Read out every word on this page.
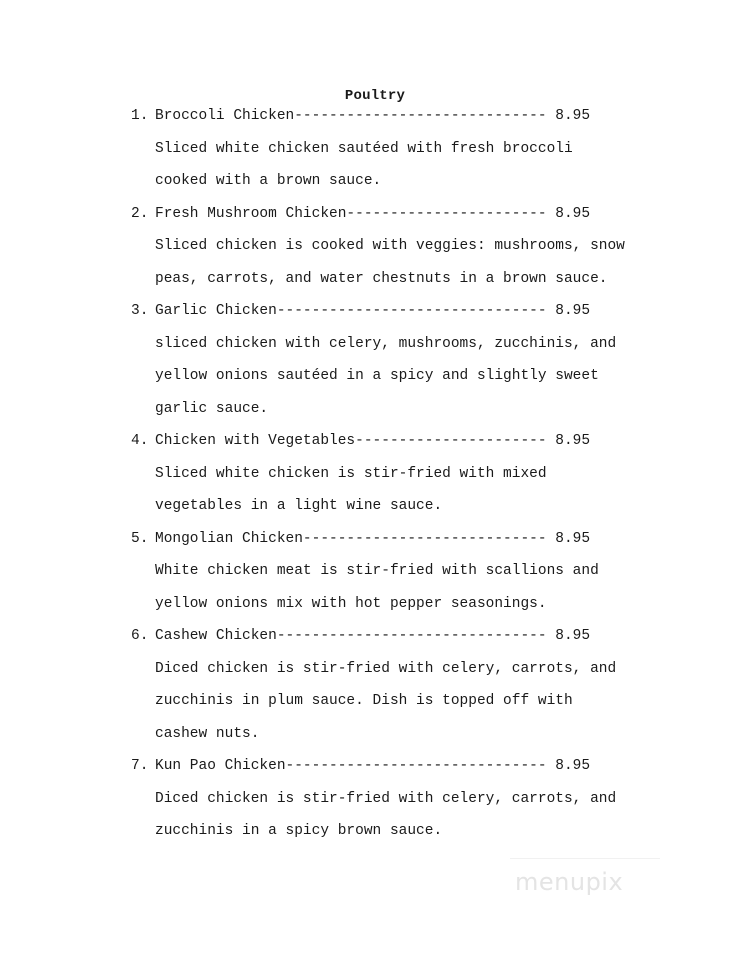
Poultry
1. Broccoli Chicken----------------------------- 8.95
Sliced white chicken sautéed with fresh broccoli
cooked with a brown sauce.
2. Fresh Mushroom Chicken----------------------- 8.95
Sliced chicken is cooked with veggies: mushrooms, snow
peas, carrots, and water chestnuts in a brown sauce.
3. Garlic Chicken------------------------------- 8.95
sliced chicken with celery, mushrooms, zucchinis, and
yellow onions sautéed in a spicy and slightly sweet
garlic sauce.
4. Chicken with Vegetables---------------------- 8.95
Sliced white chicken is stir-fried with mixed
vegetables in a light wine sauce.
5. Mongolian Chicken---------------------------- 8.95
White chicken meat is stir-fried with scallions and
yellow onions mix with hot pepper seasonings.
6. Cashew Chicken------------------------------- 8.95
Diced chicken is stir-fried with celery, carrots, and
zucchinis in plum sauce. Dish is topped off with
cashew nuts.
7. Kun Pao Chicken------------------------------ 8.95
Diced chicken is stir-fried with celery, carrots, and
zucchinis in a spicy brown sauce.
menupix
